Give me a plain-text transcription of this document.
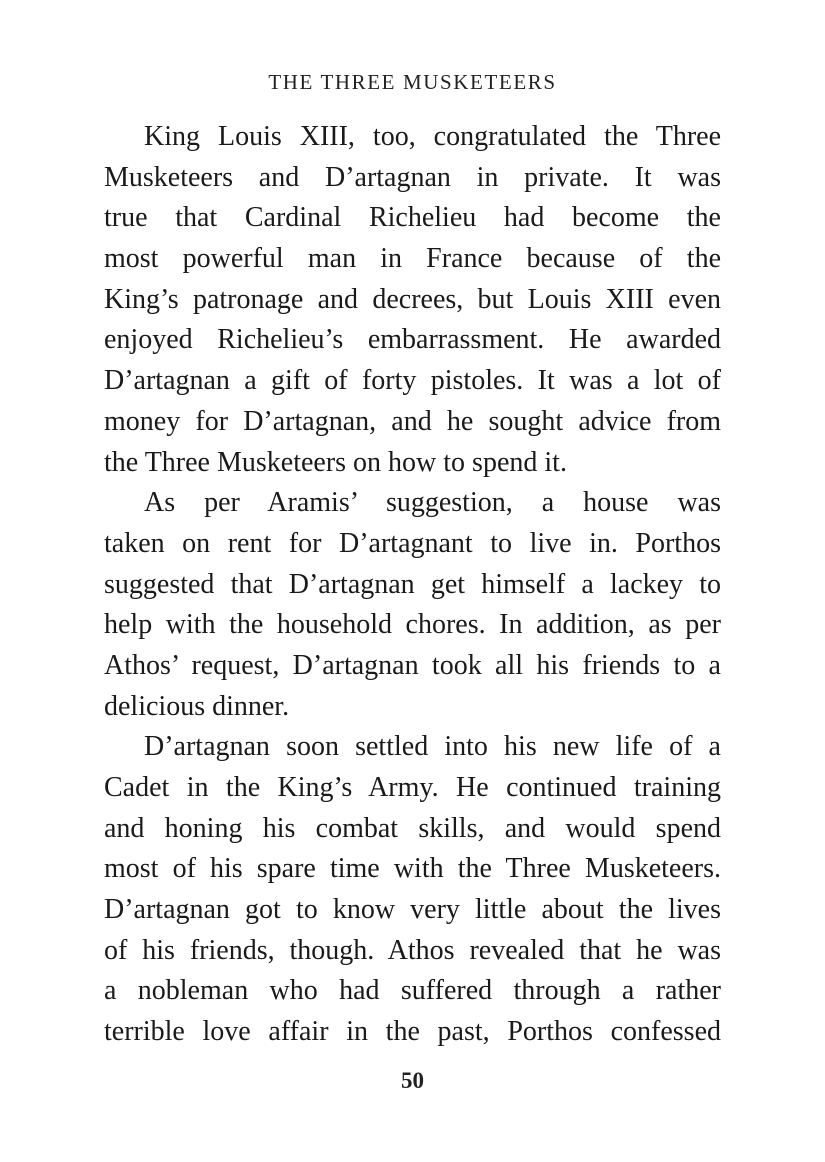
THE THREE MUSKETEERS

King Louis XIII, too, congratulated the Three

Musketeers and D’artagnan in private. It was

true that Cardinal Richelieu had become the

most powerful man in France because of the

King’s patronage and decrees, but Louis XIII even

enjoyed Richelieu’s embarrassment. He awarded

D’artagnan a gift of forty pistoles. It was a lot of

money for D’artagnan, and he sought advice from

the Three Musketeers on how to spend it.

As per Aramis’ suggestion, a house was

taken on rent for D’artagnant to live in. Porthos

suggested that D’artagnan get himself a lackey to

help with the household chores. In addition, as per

Athos’ request, D’artagnan took all his friends to a

delicious dinner.

D’artagnan soon settled into his new life of a

Cadet in the King’s Army. He continued training

and honing his combat skills, and would spend

most of his spare time with the Three Musketeers.

D’artagnan got to know very little about the lives

of his friends, though. Athos revealed that he was

a nobleman who had suffered through a rather

terrible love affair in the past, Porthos confessed

50
